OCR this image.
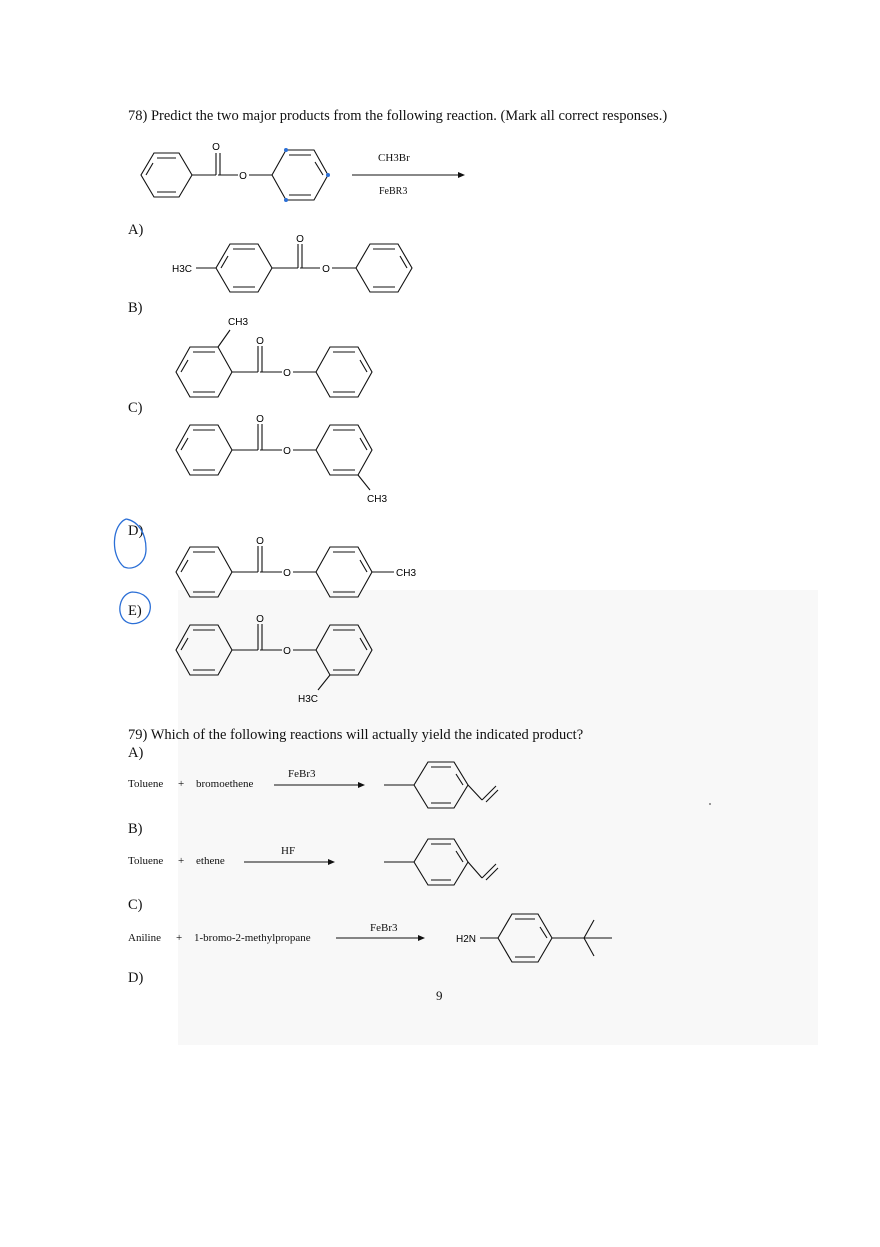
78) Predict the two major products from the following reaction. (Mark all correct responses.)
O
O
CH3Br
FeBR3
A)
H3C
O
O
B)
CH3
O
O
C)
O
O
CH3
D)
O
O	CH3
E)
O
O
H3C
79) Which of the following reactions will actually yield the indicated product?
A)
Toluene + bromoethene
FeBr3
B)
Toluene + ethene
HF
C)
Aniline + 1-bromo-2-methylpropane
FeBr3
H2N
D)
9
